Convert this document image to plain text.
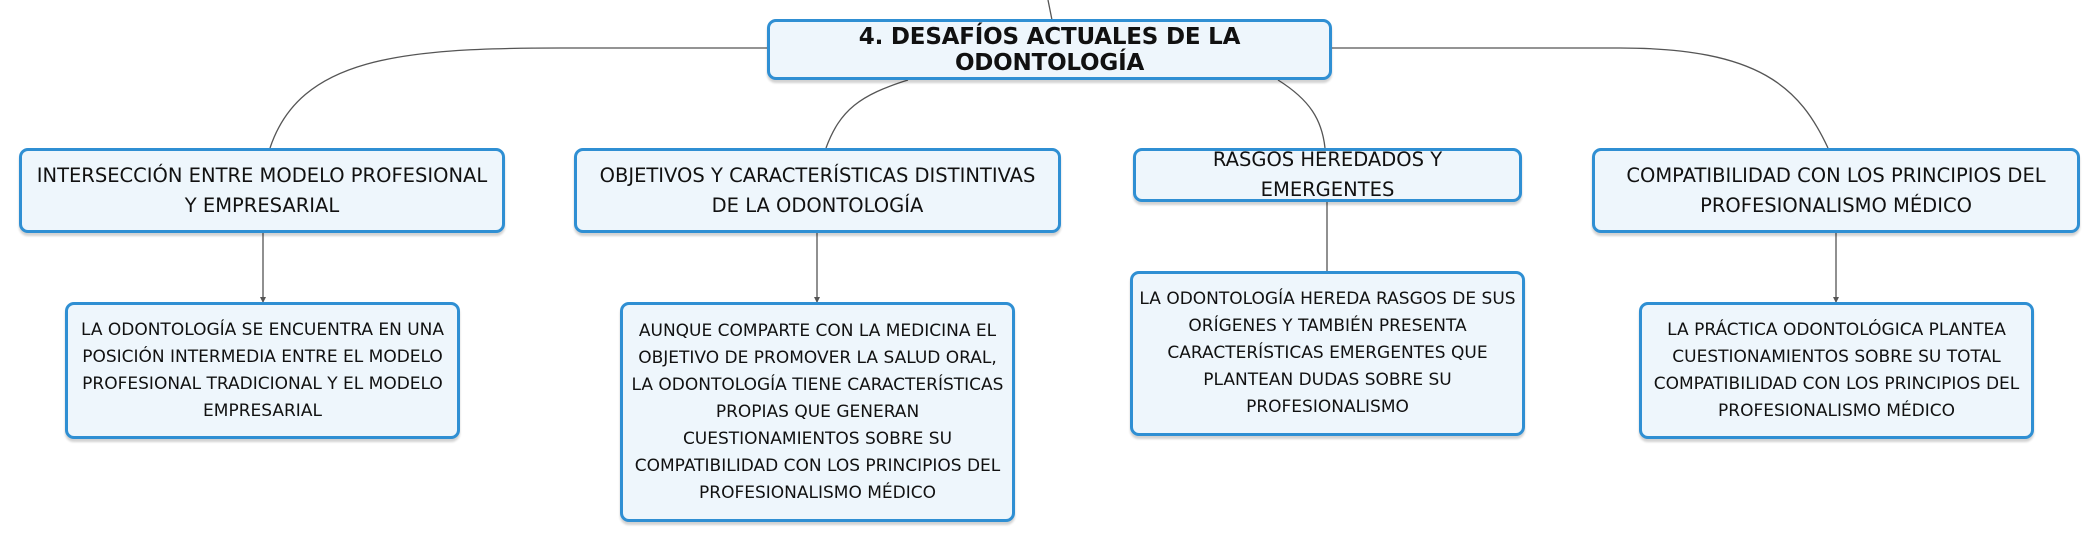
4. DESAFÍOS ACTUALES DE LA ODONTOLOGÍA
INTERSECCIÓN ENTRE MODELO PROFESIONAL Y EMPRESARIAL
OBJETIVOS Y CARACTERÍSTICAS DISTINTIVAS DE LA ODONTOLOGÍA
RASGOS HEREDADOS Y EMERGENTES
COMPATIBILIDAD CON LOS PRINCIPIOS DEL PROFESIONALISMO MÉDICO
LA ODONTOLOGÍA SE ENCUENTRA EN UNA POSICIÓN INTERMEDIA ENTRE EL MODELO PROFESIONAL TRADICIONAL Y EL MODELO EMPRESARIAL
AUNQUE COMPARTE CON LA MEDICINA EL OBJETIVO DE PROMOVER LA SALUD ORAL, LA ODONTOLOGÍA TIENE CARACTERÍSTICAS PROPIAS QUE GENERAN CUESTIONAMIENTOS SOBRE SU COMPATIBILIDAD CON LOS PRINCIPIOS DEL PROFESIONALISMO MÉDICO
LA ODONTOLOGÍA HEREDA RASGOS DE SUS ORÍGENES Y TAMBIÉN PRESENTA CARACTERÍSTICAS EMERGENTES QUE PLANTEAN DUDAS SOBRE SU PROFESIONALISMO
LA PRÁCTICA ODONTOLÓGICA PLANTEA CUESTIONAMIENTOS SOBRE SU TOTAL COMPATIBILIDAD CON LOS PRINCIPIOS DEL PROFESIONALISMO MÉDICO
